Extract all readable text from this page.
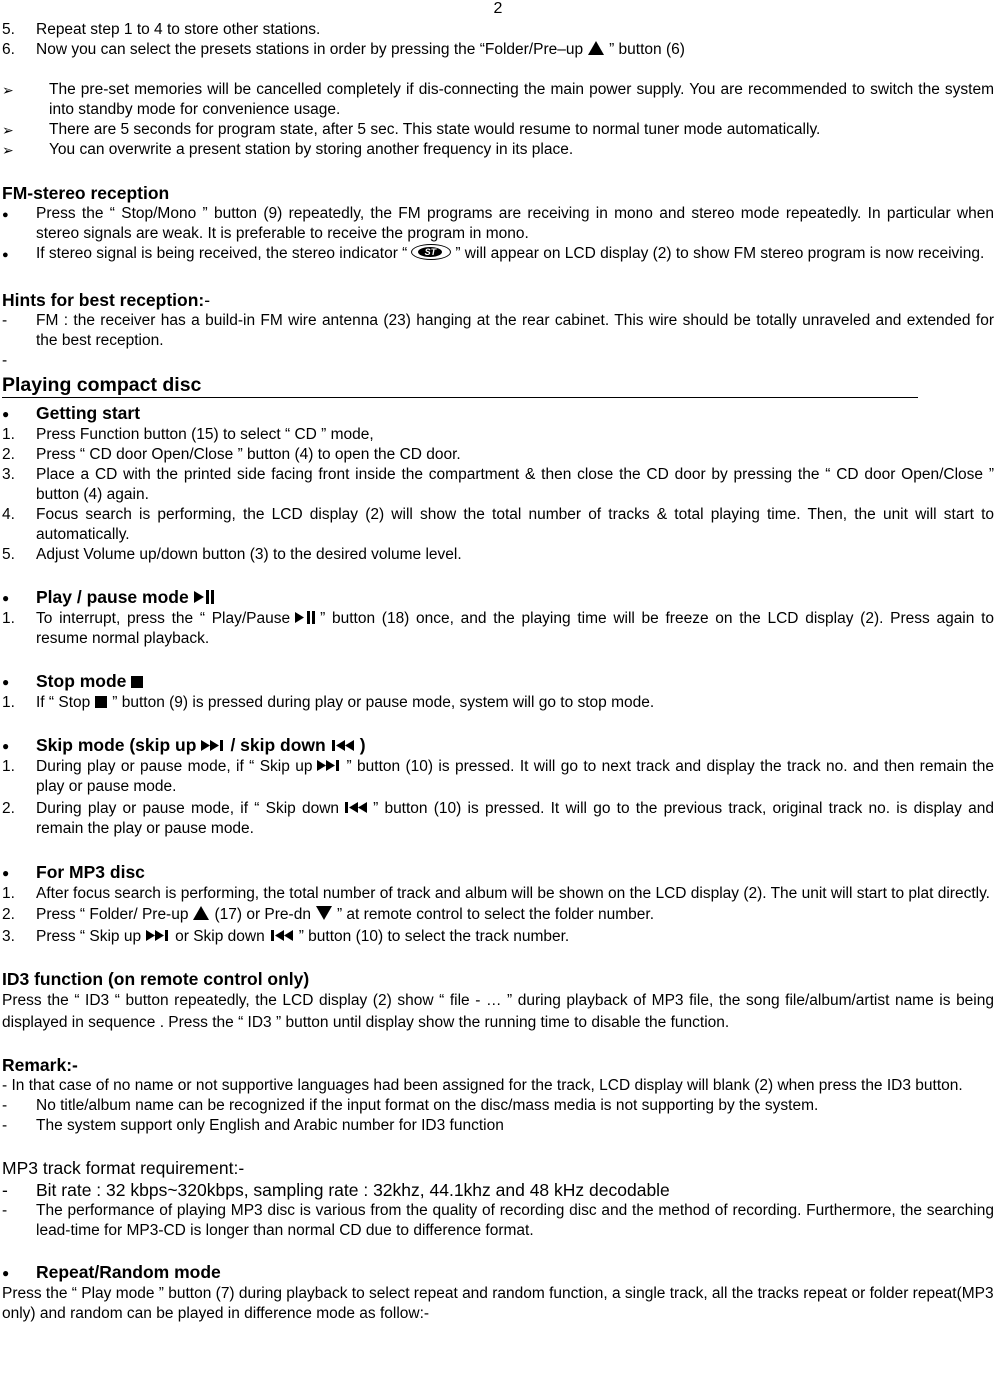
2
5.	Repeat step 1 to 4 to store other stations.
6.	Now you can select the presets stations in order by pressing the “Folder/Pre–up ” button (6)
➢	The pre-set memories will be cancelled completely if dis-connecting the main power supply. You are recommended to switch the system into standby mode for convenience usage.
➢	There are 5 seconds for program state, after 5 sec. This state would resume to normal tuner mode automatically.
➢	You can overwrite a present station by storing another frequency in its place.
FM-stereo reception
●	Press the “ Stop/Mono ” button (9) repeatedly, the FM programs are receiving in mono and stereo mode repeatedly. In particular when stereo signals are weak. It is preferable to receive the program in mono.
●	If stereo signal is being received, the stereo indicator “	ST	” will appear on LCD display (2) to show FM stereo program is now receiving.
Hints for best reception:-
-	FM : the receiver has a build-in FM wire antenna (23) hanging at the rear cabinet. This wire should be totally unraveled and extended for the best reception.
-
Playing compact disc
●	Getting start
1.	Press Function button (15) to select “ CD ” mode,
2.	Press “ CD door Open/Close ” button (4) to open the CD door.
3.	Place a CD with the printed side facing front inside the compartment & then close the CD door by pressing the “ CD door Open/Close ” button (4) again.
4.	Focus search is performing, the LCD display (2) will show the total number of tracks & total playing time. Then, the unit will start to automatically.
5.	Adjust Volume up/down button (3) to the desired volume level.
●	Play / pause mode
1.	To interrupt, press the “ Play/Pause ” button (18) once, and the playing time will be freeze on the LCD display (2). Press again to resume normal playback.
●	Stop mode
1.	If “ Stop ” button (9) is pressed during play or pause mode, system will go to stop mode.
●	Skip mode (skip up / skip down )
1.	During play or pause mode, if “ Skip up ” button (10) is pressed. It will go to next track and display the track no. and then remain the play or pause mode.
2.	During play or pause mode, if “ Skip down ” button (10) is pressed. It will go to the previous track, original track no. is display and remain the play or pause mode.
●	For MP3 disc
1.	After focus search is performing, the total number of track and album will be shown on the LCD display (2). The unit will start to plat directly.
2.	Press “ Folder/ Pre-up (17) or Pre-dn ” at remote control to select the folder number.
3.	Press “ Skip up or Skip down ” button (10) to select the track number.
ID3 function (on remote control only)
Press the “ ID3 “ button repeatedly, the LCD display (2) show “ file - … ” during playback of MP3 file, the song file/album/artist name is being displayed in sequence . Press the “ ID3 ” button until display show the running time to disable the function.
Remark:-
- In that case of no name or not supportive languages had been assigned for the track, LCD display will blank (2) when press the ID3 button.
-	No title/album name can be recognized if the input format on the disc/mass media is not supporting by the system.
-	The system support only English and Arabic number for ID3 function
MP3 track format requirement:-
-	Bit rate : 32 kbps~320kbps, sampling rate : 32khz, 44.1khz and 48 kHz decodable
-	The performance of playing MP3 disc is various from the quality of recording disc and the method of recording. Furthermore, the searching lead-time for MP3-CD is longer than normal CD due to difference format.
●	Repeat/Random mode
Press the “ Play mode ” button (7) during playback to select repeat and random function, a single track, all the tracks repeat or folder repeat(MP3 only) and random can be played in difference mode as follow:-
